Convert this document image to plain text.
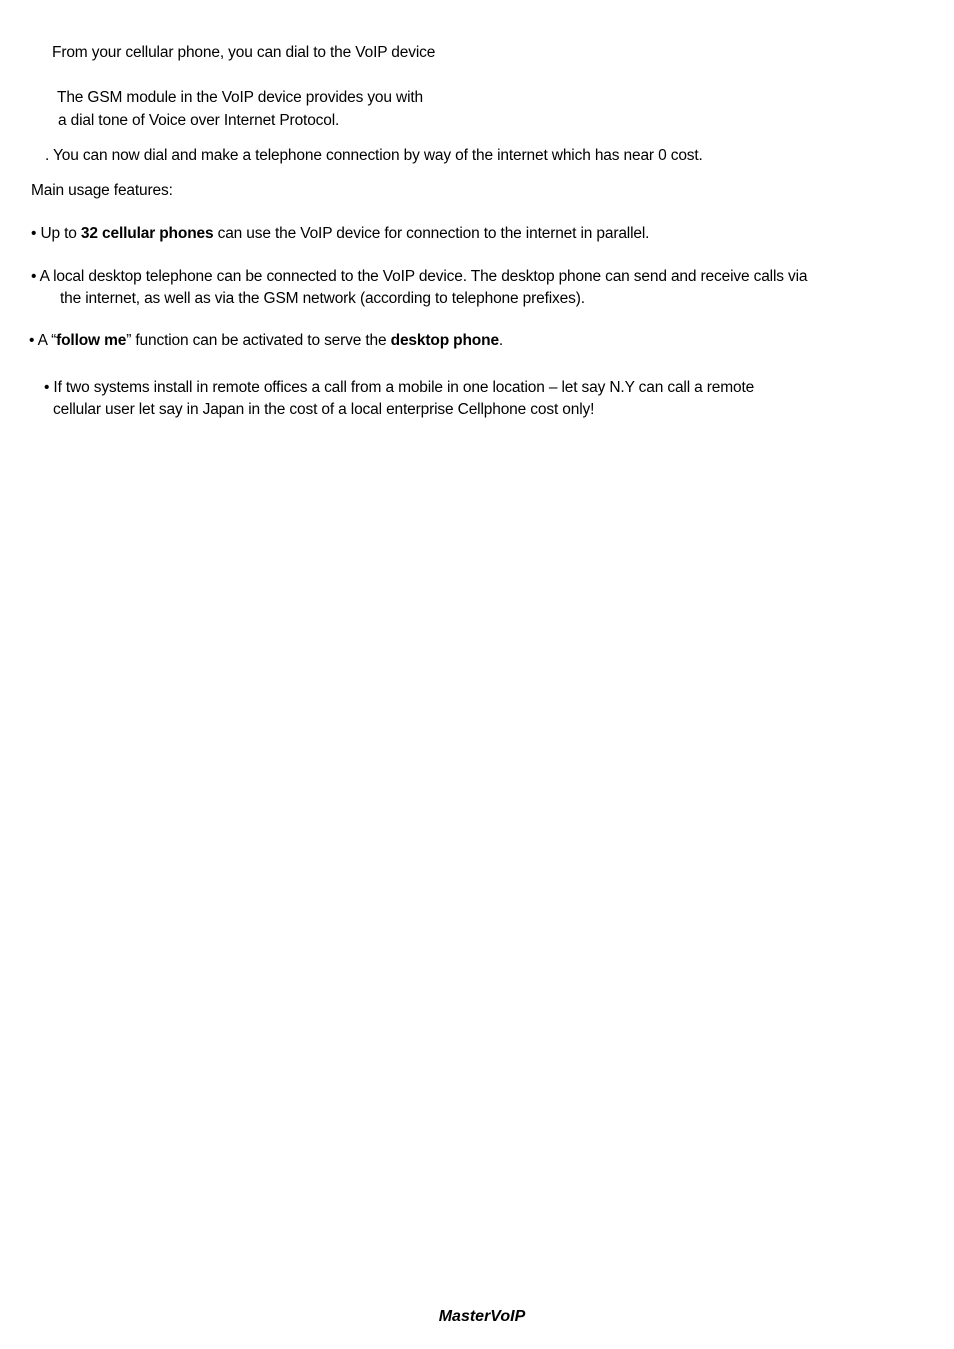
From your cellular phone, you can dial to the VoIP device
The GSM module in the VoIP device provides you with
a dial tone of Voice over Internet Protocol.
. You can now dial and make a telephone connection by way of the internet which has near 0 cost.
Main usage features:
• Up to 32 cellular phones can use the VoIP device for connection to the internet in parallel.
• A local desktop telephone can be connected to the VoIP device. The desktop phone can send and receive calls via
the internet, as well as via the GSM network (according to telephone prefixes).
• A “follow me” function can be activated to serve the desktop phone.
• If two systems install in remote offices a call from a mobile in one location – let say N.Y can call a remote
cellular user let say in Japan in the cost of a local enterprise Cellphone cost only!
MasterVoIP
